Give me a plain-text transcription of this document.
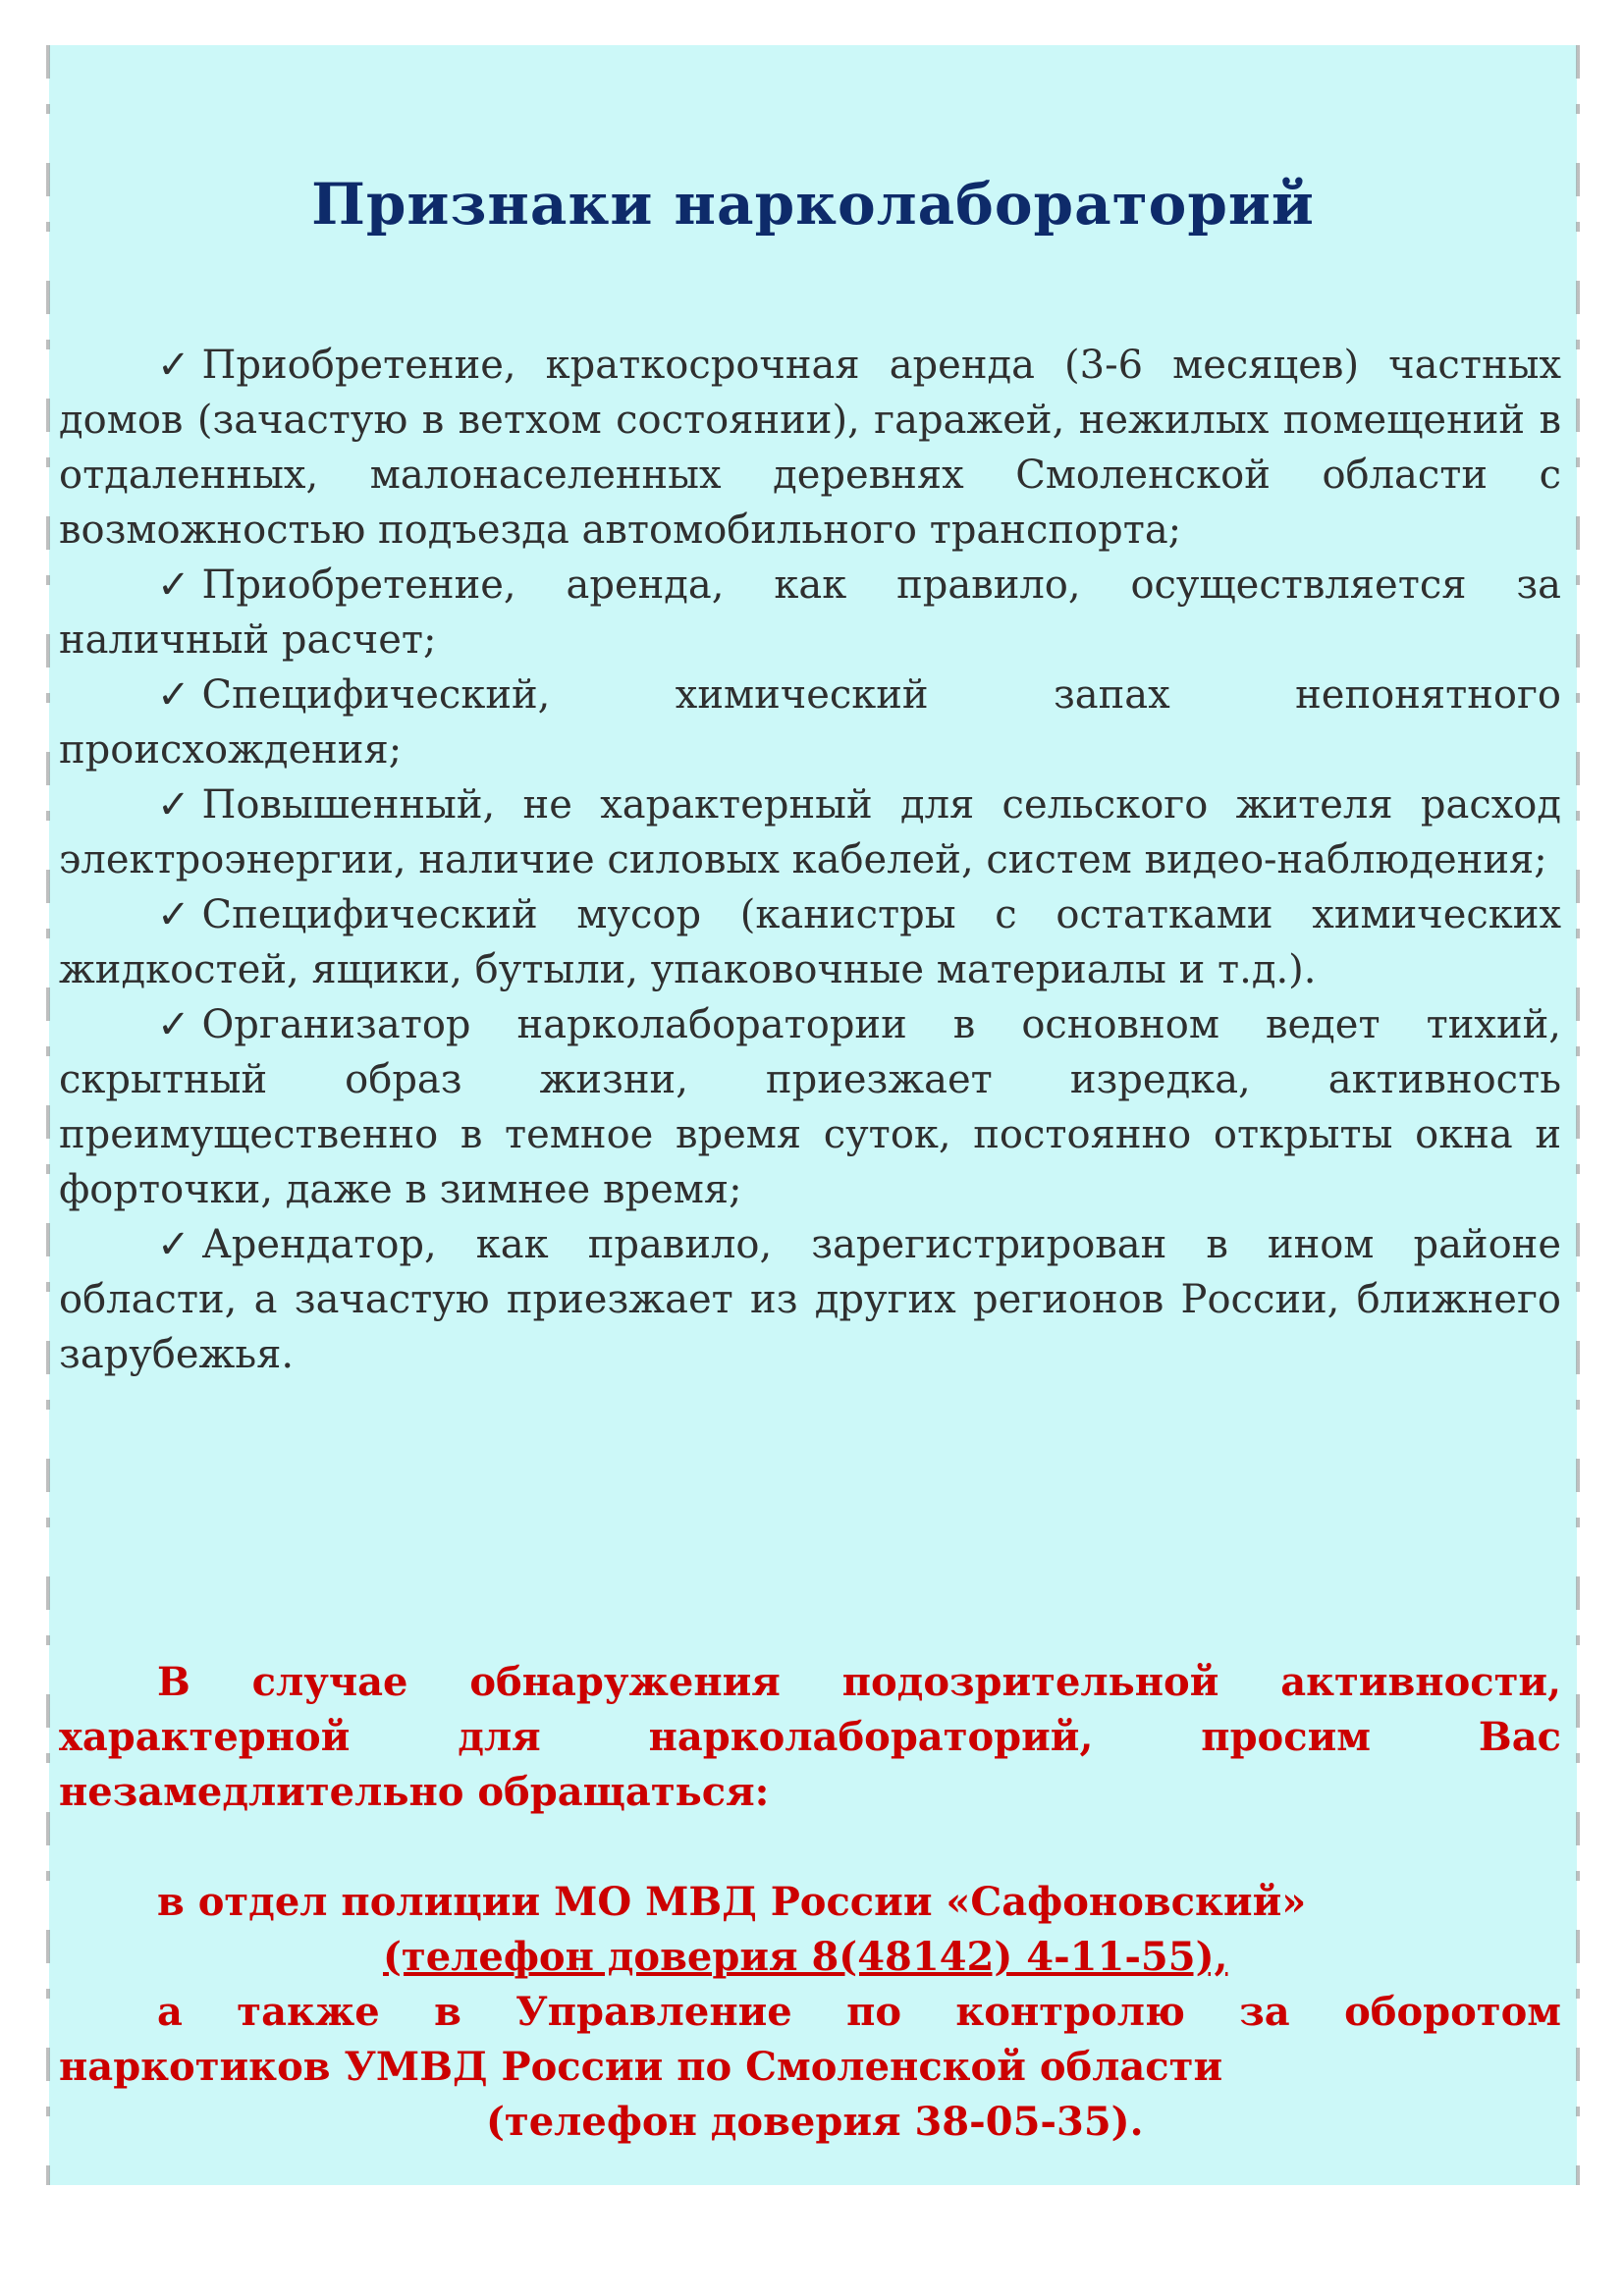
Признаки нарколабораторий

✓ Приобретение, краткосрочная аренда (3-6 месяцев) частных домов (зачастую в ветхом состоянии), гаражей, нежилых помещений в отдаленных, малонаселенных деревнях Смоленской области с возможностью подъезда автомобильного транспорта;

✓ Приобретение, аренда, как правило, осуществляется за наличный расчет;

✓ Специфический, химический запах непонятного происхождения;

✓ Повышенный, не характерный для сельского жителя расход электроэнергии, наличие силовых кабелей, систем видео-наблюдения;

✓ Специфический мусор (канистры с остатками химических жидкостей, ящики, бутыли, упаковочные материалы и т.д.).

✓ Организатор нарколаборатории в основном ведет тихий, скрытный образ жизни, приезжает изредка, активность преимущественно в темное время суток, постоянно открыты окна и форточки, даже в зимнее время;

✓ Арендатор, как правило, зарегистрирован в ином районе области, а зачастую приезжает из других регионов России, ближнего зарубежья.

В случае обнаружения подозрительной активности, характерной для нарколабораторий, просим Вас незамедлительно обращаться:

в отдел полиции МО МВД России «Сафоновский»

(телефон доверия 8(48142) 4-11-55),

а также в Управление по контролю за оборотом наркотиков УМВД России по Смоленской области

(телефон доверия 38-05-35).
